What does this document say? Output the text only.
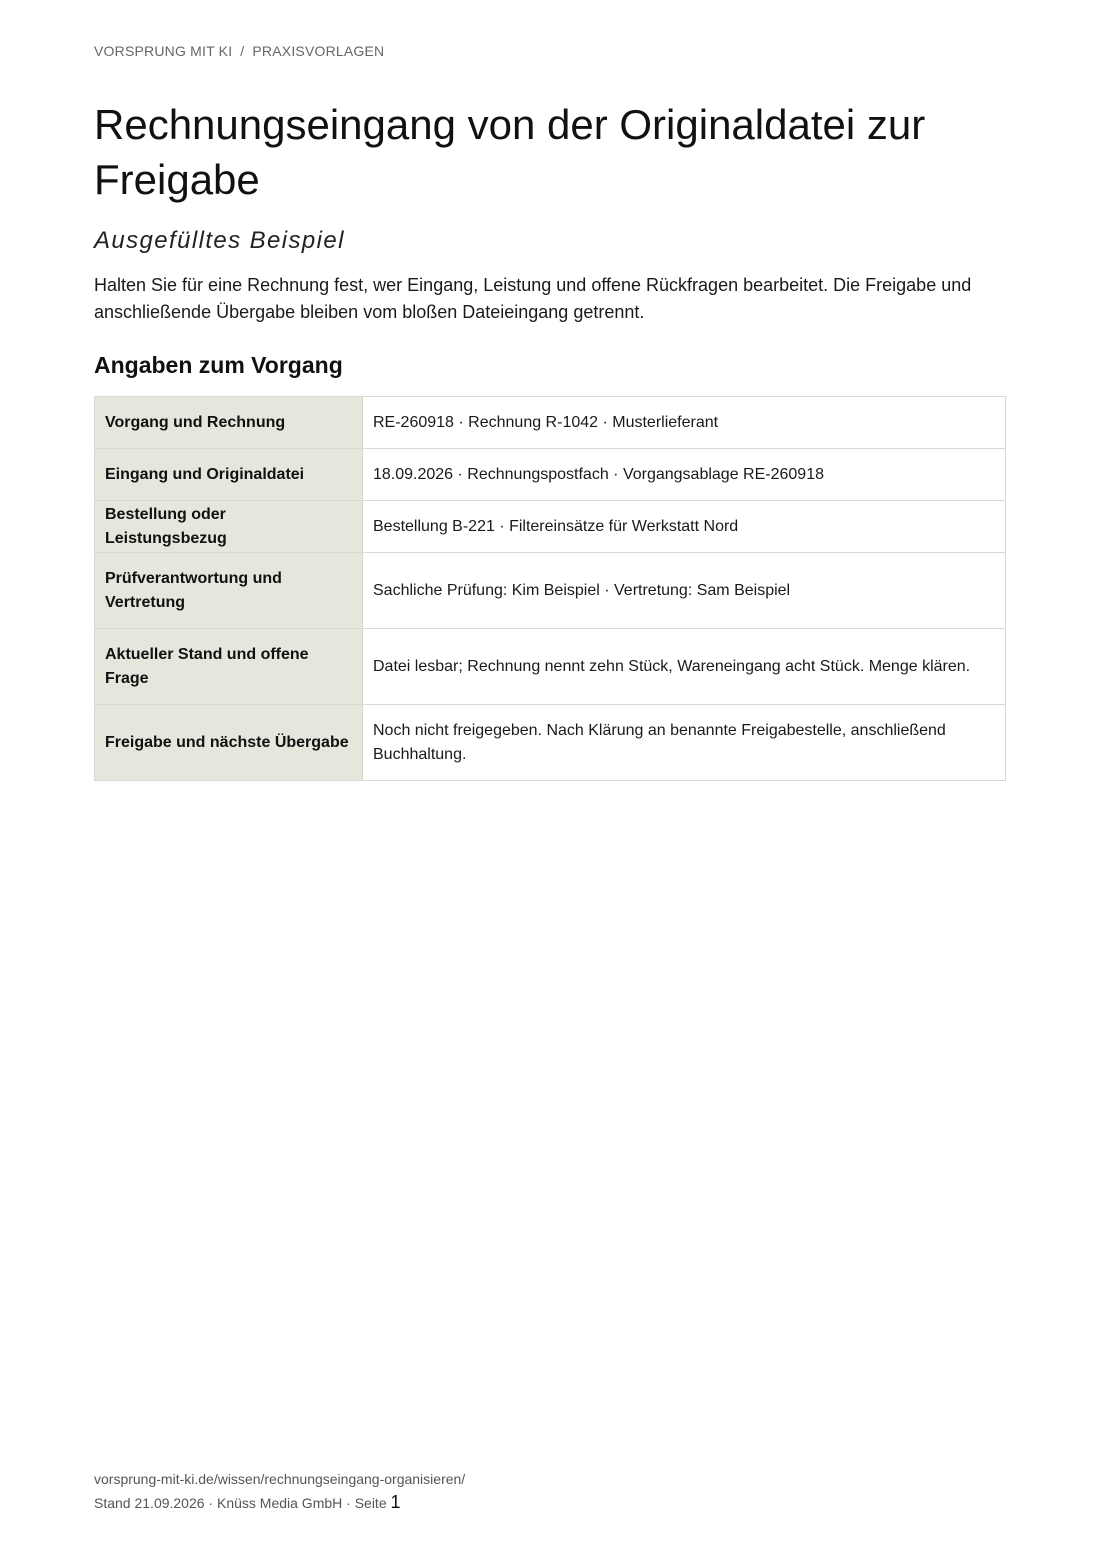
VORSPRUNG MIT KI / PRAXISVORLAGEN
Rechnungseingang von der Originaldatei zur Freigabe
Ausgefülltes Beispiel

Halten Sie für eine Rechnung fest, wer Eingang, Leistung und offene Rückfragen bearbeitet. Die Freigabe und anschließende Übergabe bleiben vom bloßen Dateieingang getrennt.

Angaben zum Vorgang
Vorgang und Rechnung	RE-260918 · Rechnung R-1042 · Musterlieferant
Eingang und Originaldatei	18.09.2026 · Rechnungspostfach · Vorgangsablage RE-260918
Bestellung oder Leistungsbezug	Bestellung B-221 · Filtereinsätze für Werkstatt Nord
Prüfverantwortung und Vertretung	Sachliche Prüfung: Kim Beispiel · Vertretung: Sam Beispiel
Aktueller Stand und offene Frage	Datei lesbar; Rechnung nennt zehn Stück, Wareneingang acht Stück. Menge klären.
Freigabe und nächste Übergabe	Noch nicht freigegeben. Nach Klärung an benannte Freigabestelle, anschließend Buchhaltung.
vorsprung-mit-ki.de/wissen/rechnungseingang-organisieren/
Stand 21.09.2026 · Knüss Media GmbH · Seite 1
